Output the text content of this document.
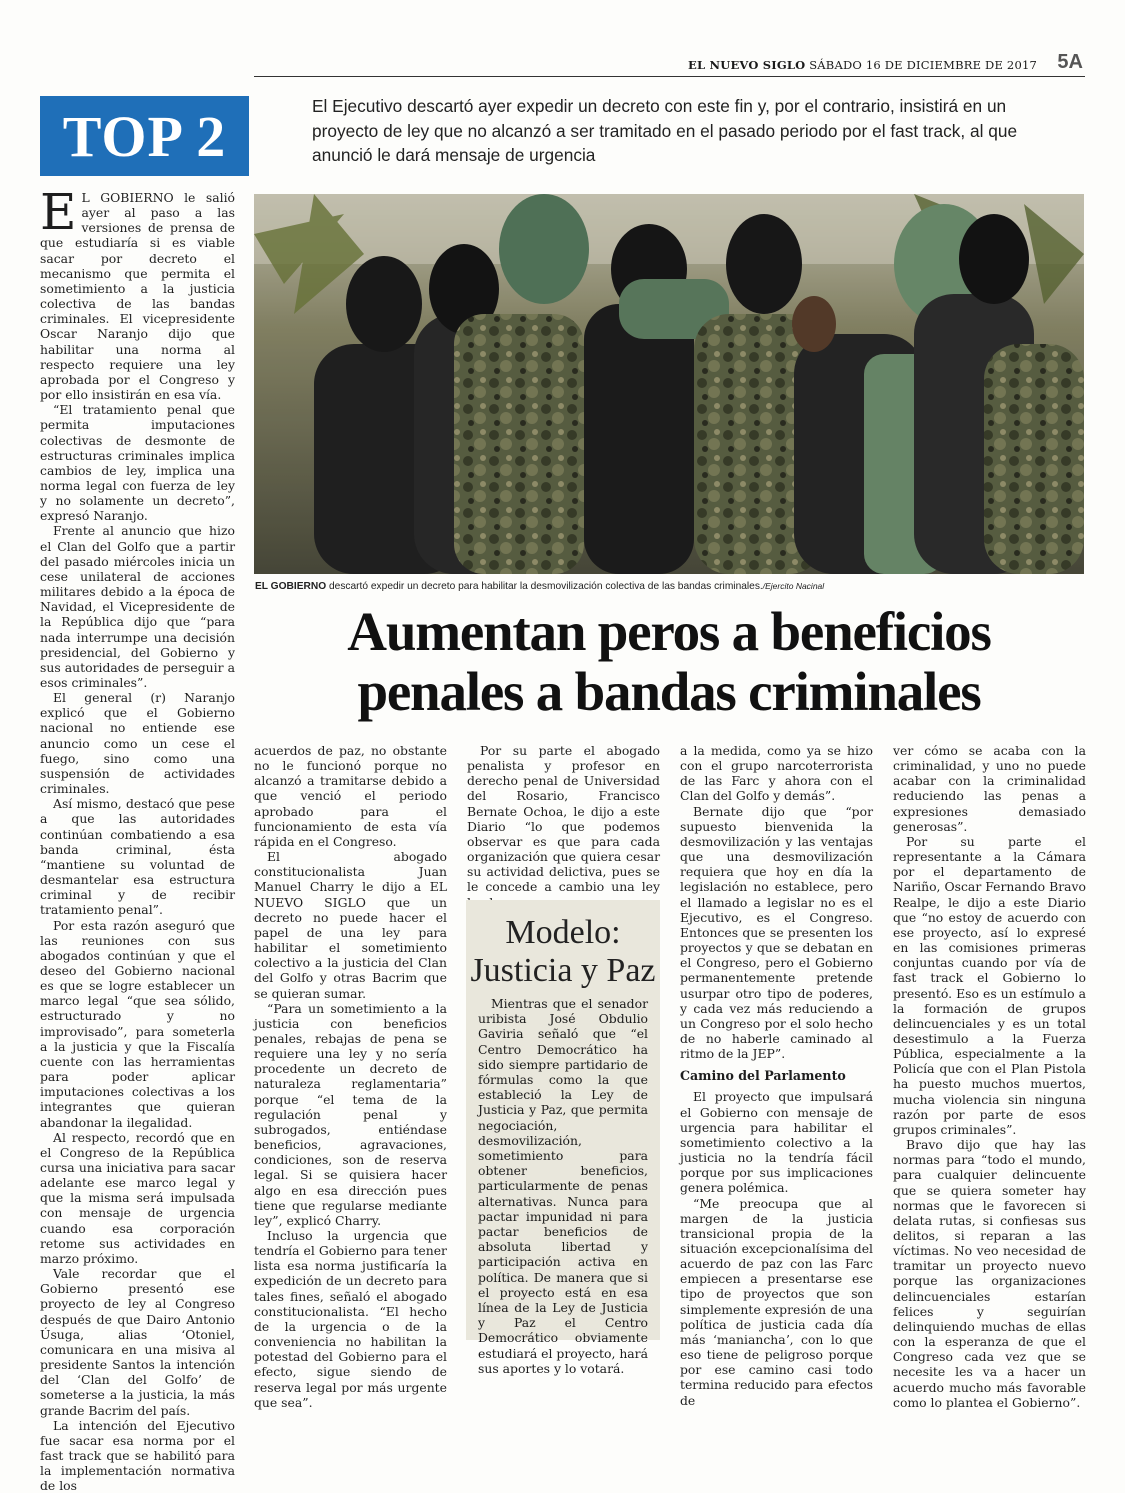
EL NUEVO SIGLO SÁBADO 16 DE DICIEMBRE DE 2017 5A
TOP 2	El Ejecutivo descartó ayer expedir un decreto con este fin y, por el contrario, insistirá en un proyecto de ley que no alcanzó a ser tramitado en el pasado periodo por el fast track, al que anunció le dará mensaje de urgencia
EL GOBIERNO descartó expedir un decreto para habilitar la desmovilización colectiva de las bandas criminales./Ejercito Nacinal
Aumentan peros a beneficios
penales a bandas criminales

E L GOBIERNO le salió ayer al paso a las versiones de prensa de que estudiaría si es viable sacar por decreto el mecanismo que permita el sometimiento a la justicia colectiva de las bandas criminales. El vicepresidente Oscar Naranjo dijo que habilitar una norma al respecto requiere una ley aprobada por el Congreso y por ello insistirán en esa vía.

“El tratamiento penal que permita imputaciones colectivas de desmonte de estructuras criminales implica cambios de ley, implica una norma legal con fuerza de ley y no solamente un decreto”, expresó Naranjo.

Frente al anuncio que hizo el Clan del Golfo que a partir del pasado miércoles inicia un cese unilateral de acciones militares debido a la época de Navidad, el Vicepresidente de la República dijo que “para nada interrumpe una decisión presidencial, del Gobierno y sus autoridades de perseguir a esos criminales”.

El general (r) Naranjo explicó que el Gobierno nacional no entiende ese anuncio como un cese el fuego, sino como una suspensión de actividades criminales.

Así mismo, destacó que pese a que las autoridades continúan combatiendo a esa banda criminal, ésta “mantiene su voluntad de desmantelar esa estructura criminal y de recibir tratamiento penal”.

Por esta razón aseguró que las reuniones con sus abogados continúan y que el deseo del Gobierno nacional es que se logre establecer un marco legal “que sea sólido, estructurado y no improvisado”, para someterla a la justicia y que la Fiscalía cuente con las herramientas para poder aplicar imputaciones colectivas a los integrantes que quieran abandonar la ilegalidad.

Al respecto, recordó que en el Congreso de la República cursa una iniciativa para sacar adelante ese marco legal y que la misma será impulsada con mensaje de urgencia cuando esa corporación retome sus actividades en marzo próximo.

Vale recordar que el Gobierno presentó ese proyecto de ley al Congreso después de que Dairo Antonio Úsuga, alias ‘Otoniel, comunicara en una misiva al presidente Santos la intención del ‘Clan del Golfo’ de someterse a la justicia, la más grande Bacrim del país.

La intención del Ejecutivo fue sacar esa norma por el fast track que se habilitó para la implementación normativa de los

acuerdos de paz, no obstante no le funcionó porque no alcanzó a tramitarse debido a que venció el periodo aprobado para el funcionamiento de esta vía rápida en el Congreso.

El abogado constitucionalista Juan Manuel Charry le dijo a EL NUEVO SIGLO que un decreto no puede hacer el papel de una ley para habilitar el sometimiento colectivo a la justicia del Clan del Golfo y otras Bacrim que se quieran sumar.

“Para un sometimiento a la justicia con beneficios penales, rebajas de pena se requiere una ley y no sería procedente un decreto de naturaleza reglamentaria” porque “el tema de la regulación penal y subrogados, entiéndase beneficios, agravaciones, condiciones, son de reserva legal. Si se quisiera hacer algo en esa dirección pues tiene que regularse mediante ley”, explicó Charry.

Incluso la urgencia que tendría el Gobierno para tener lista esa norma justificaría la expedición de un decreto para tales fines, señaló el abogado constitucionalista. “El hecho de la urgencia o de la conveniencia no habilitan la potestad del Gobierno para el efecto, sigue siendo de reserva legal por más urgente que sea”.

Por su parte el abogado penalista y profesor en derecho penal de Universidad del Rosario, Francisco Bernate Ochoa, le dijo a este Diario “lo que podemos observar es que para cada organización que quiera cesar su actividad delictiva, pues se le concede a cambio una ley

Modelo:
Justicia y Paz

Mientras que el senador uribista José Obdulio Gaviria señaló que “el Centro Democrático ha sido siempre partidario de fórmulas como la que estableció la Ley de Justicia y Paz, que permita negociación, desmovilización, sometimiento para obtener beneficios, particularmente de penas alternativas. Nunca para pactar impunidad ni para pactar beneficios de absoluta libertad y participación activa en política. De manera que si el proyecto está en esa línea de la Ley de Justicia y Paz el Centro Democrático obviamente estudiará el proyecto, hará sus aportes y lo votará.

a la medida, como ya se hizo con el grupo narcoterrorista de las Farc y ahora con el Clan del Golfo y demás”.

Bernate dijo que “por supuesto bienvenida la desmovilización y las ventajas que una desmovilización requiera que hoy en día la legislación no establece, pero el llamado a legislar no es el Ejecutivo, es el Congreso. Entonces que se presenten los proyectos y que se debatan en el Congreso, pero el Gobierno permanentemente pretende usurpar otro tipo de poderes, y cada vez más reduciendo a un Congreso por el solo hecho de no haberle caminado al ritmo de la JEP”.

Camino del Parlamento

El proyecto que impulsará el Gobierno con mensaje de urgencia para habilitar el sometimiento colectivo a la justicia no la tendría fácil porque por sus implicaciones genera polémica.

“Me preocupa que al margen de la justicia transicional propia de la situación excepcionalísima del acuerdo de paz con las Farc empiecen a presentarse ese tipo de proyectos que son simplemente expresión de una política de justicia cada día más ‘manianchaʼ, con lo que eso tiene de peligroso porque por ese camino casi todo termina reducido para efectos de

ver cómo se acaba con la criminalidad, y uno no puede acabar con la criminalidad reduciendo las penas a expresiones demasiado generosas”.

Por su parte el representante a la Cámara por el departamento de Nariño, Oscar Fernando Bravo Realpe, le dijo a este Diario que “no estoy de acuerdo con ese proyecto, así lo expresé en las comisiones primeras conjuntas cuando por vía de fast track el Gobierno lo presentó. Eso es un estímulo a la formación de grupos delincuenciales y es un total desestimulo a la Fuerza Pública, especialmente a la Policía que con el Plan Pistola ha puesto muchos muertos, mucha violencia sin ninguna razón por parte de esos grupos criminales”.

Bravo dijo que hay las normas para “todo el mundo, para cualquier delincuente que se quiera someter hay normas que le favorecen si delata rutas, si confiesas sus delitos, si reparan a las víctimas. No veo necesidad de tramitar un proyecto nuevo porque las organizaciones delincuenciales estarían felices y seguirían delinquiendo muchas de ellas con la esperanza de que el Congreso cada vez que se necesite les va a hacer un acuerdo mucho más favorable como lo plantea el Gobierno”.
